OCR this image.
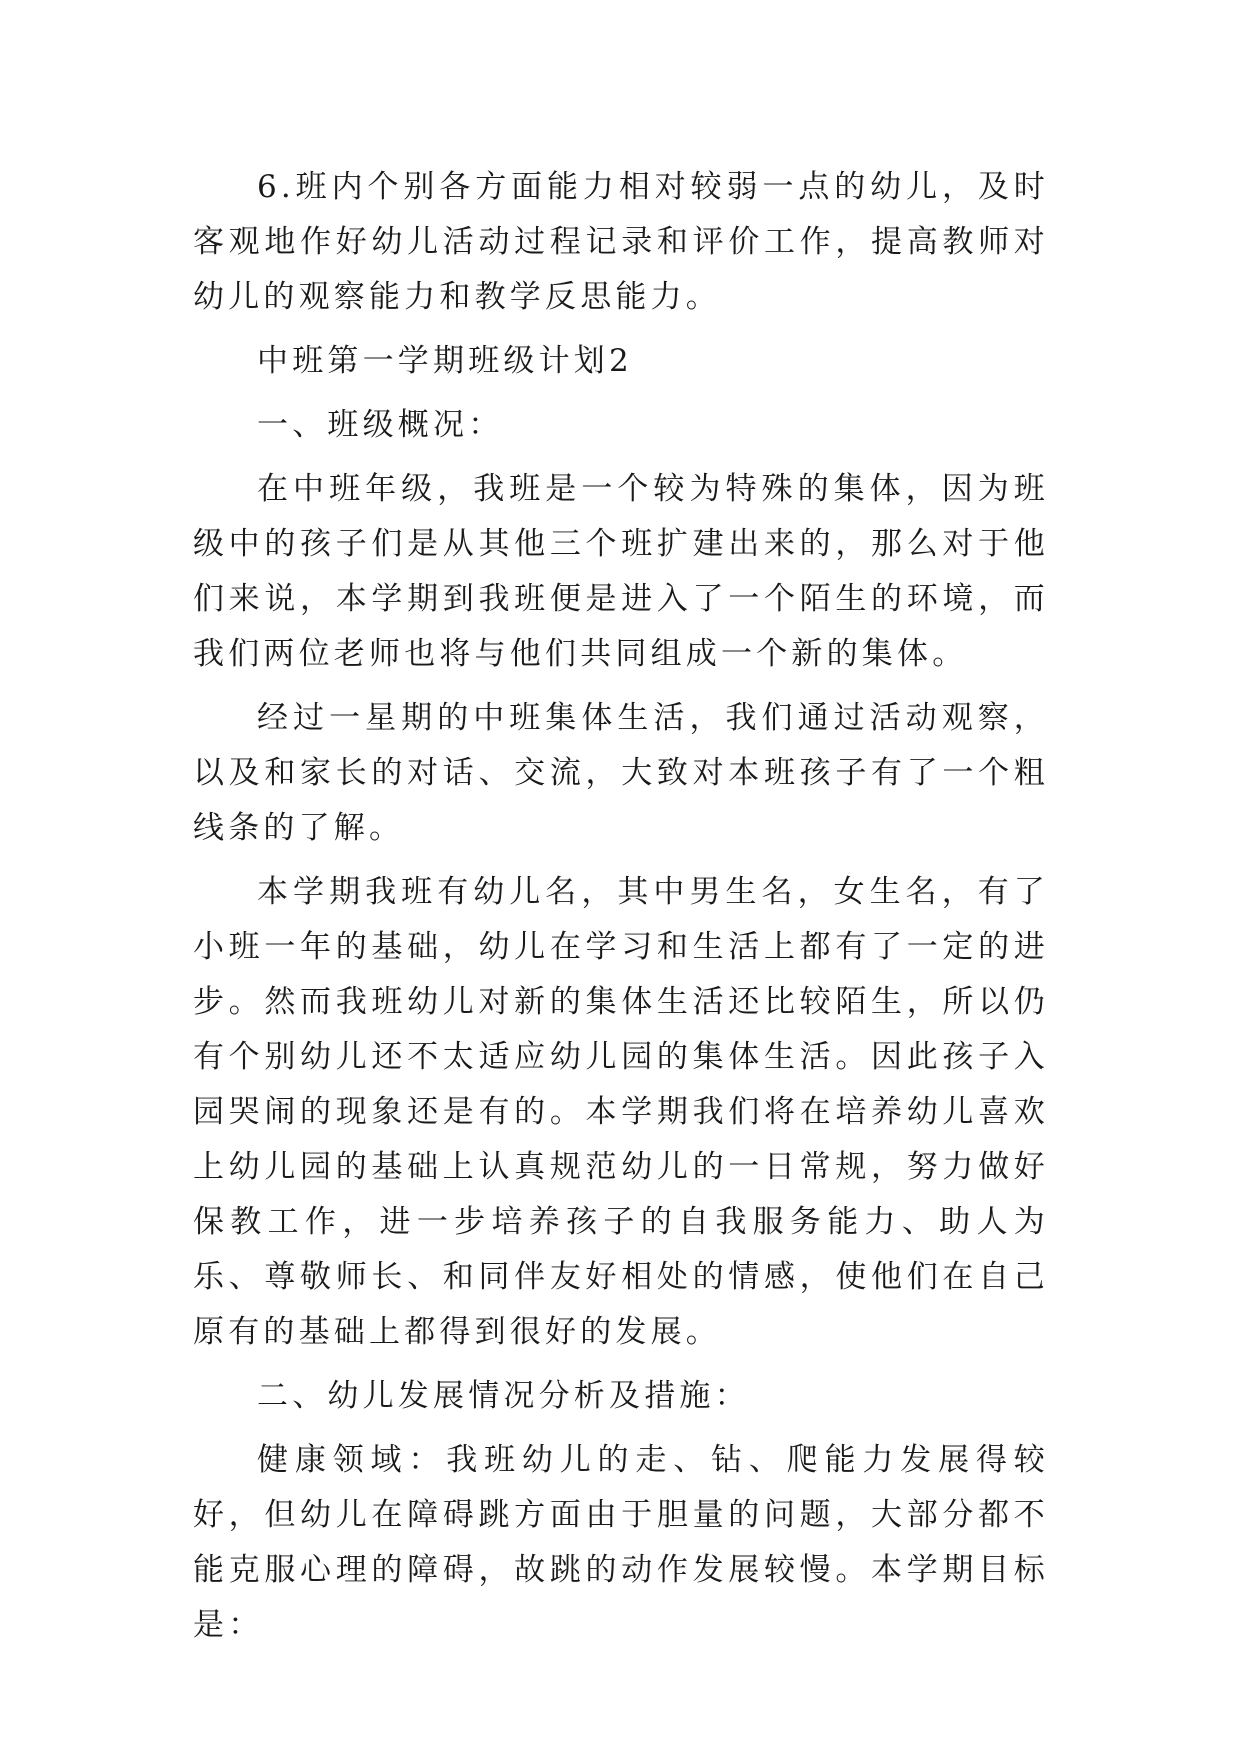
6.班内个别各方面能力相对较弱一点的幼儿，及时客观地作好幼儿活动过程记录和评价工作，提高教师对幼儿的观察能力和教学反思能力。

中班第一学期班级计划2

一、班级概况：

在中班年级，我班是一个较为特殊的集体，因为班级中的孩子们是从其他三个班扩建出来的，那么对于他们来说，本学期到我班便是进入了一个陌生的环境，而我们两位老师也将与他们共同组成一个新的集体。

经过一星期的中班集体生活，我们通过活动观察，以及和家长的对话、交流，大致对本班孩子有了一个粗线条的了解。

本学期我班有幼儿名，其中男生名，女生名，有了小班一年的基础，幼儿在学习和生活上都有了一定的进步。然而我班幼儿对新的集体生活还比较陌生，所以仍有个别幼儿还不太适应幼儿园的集体生活。因此孩子入园哭闹的现象还是有的。本学期我们将在培养幼儿喜欢上幼儿园的基础上认真规范幼儿的一日常规，努力做好保教工作，进一步培养孩子的自我服务能力、助人为乐、尊敬师长、和同伴友好相处的情感，使他们在自己原有的基础上都得到很好的发展。

二、幼儿发展情况分析及措施：

健康领域：我班幼儿的走、钻、爬能力发展得较好，但幼儿在障碍跳方面由于胆量的问题，大部分都不能克服心理的障碍，故跳的动作发展较慢。本学期目标是：
